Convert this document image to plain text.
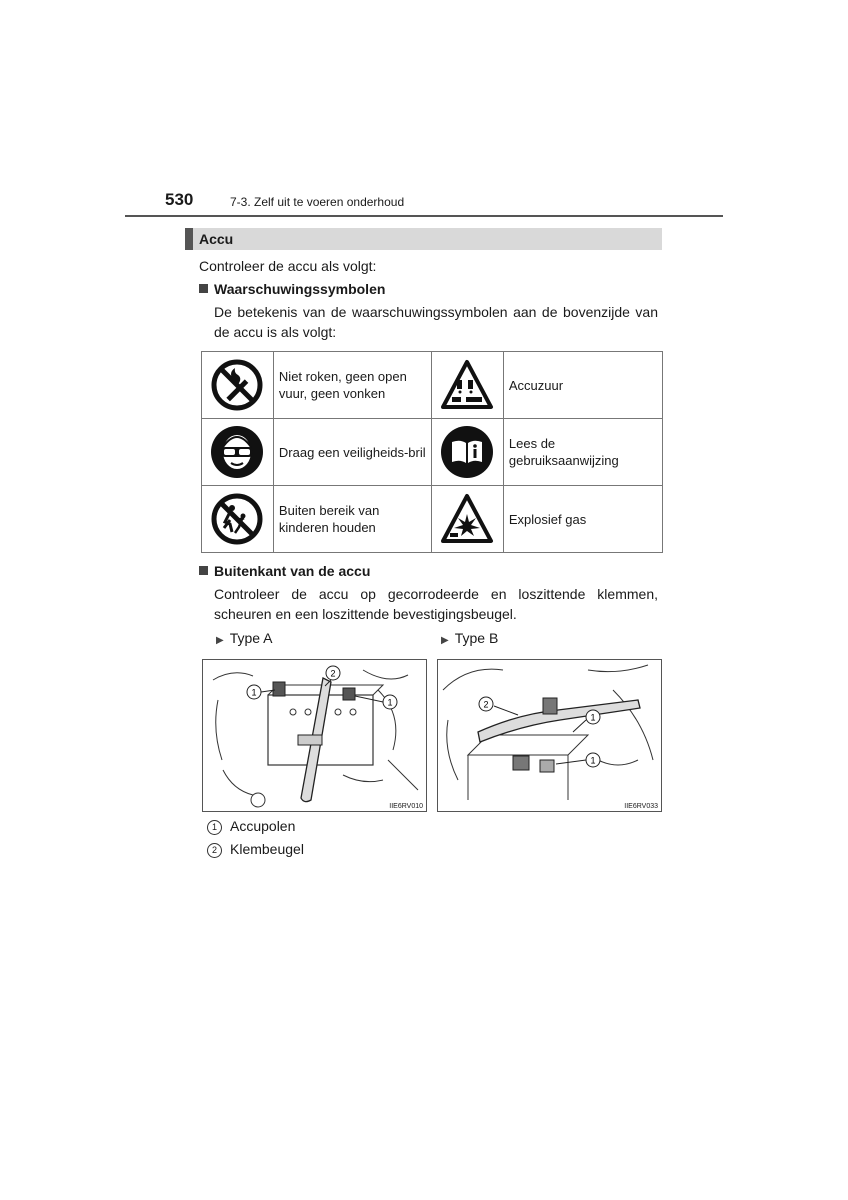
530	7-3. Zelf uit te voeren onderhoud
Accu
Controleer de accu als volgt:
Waarschuwingssymbolen
De betekenis van de waarschuwingssymbolen aan de bovenzijde van de accu is als volgt:
	Niet roken, geen open vuur, geen vonken		Accuzuur
	Draag een veiligheids-bril		Lees de gebruiksaanwijzing
	Buiten bereik van kinderen houden		Explosief gas
Buitenkant van de accu
Controleer de accu op gecorrodeerde en loszittende klemmen, scheuren en een loszittende bevestigingsbeugel.
▶ Type A	▶ Type B
1
2
1
IIE6RV010
2
1
1
IIE6RV033
1 Accupolen
2 Klembeugel
